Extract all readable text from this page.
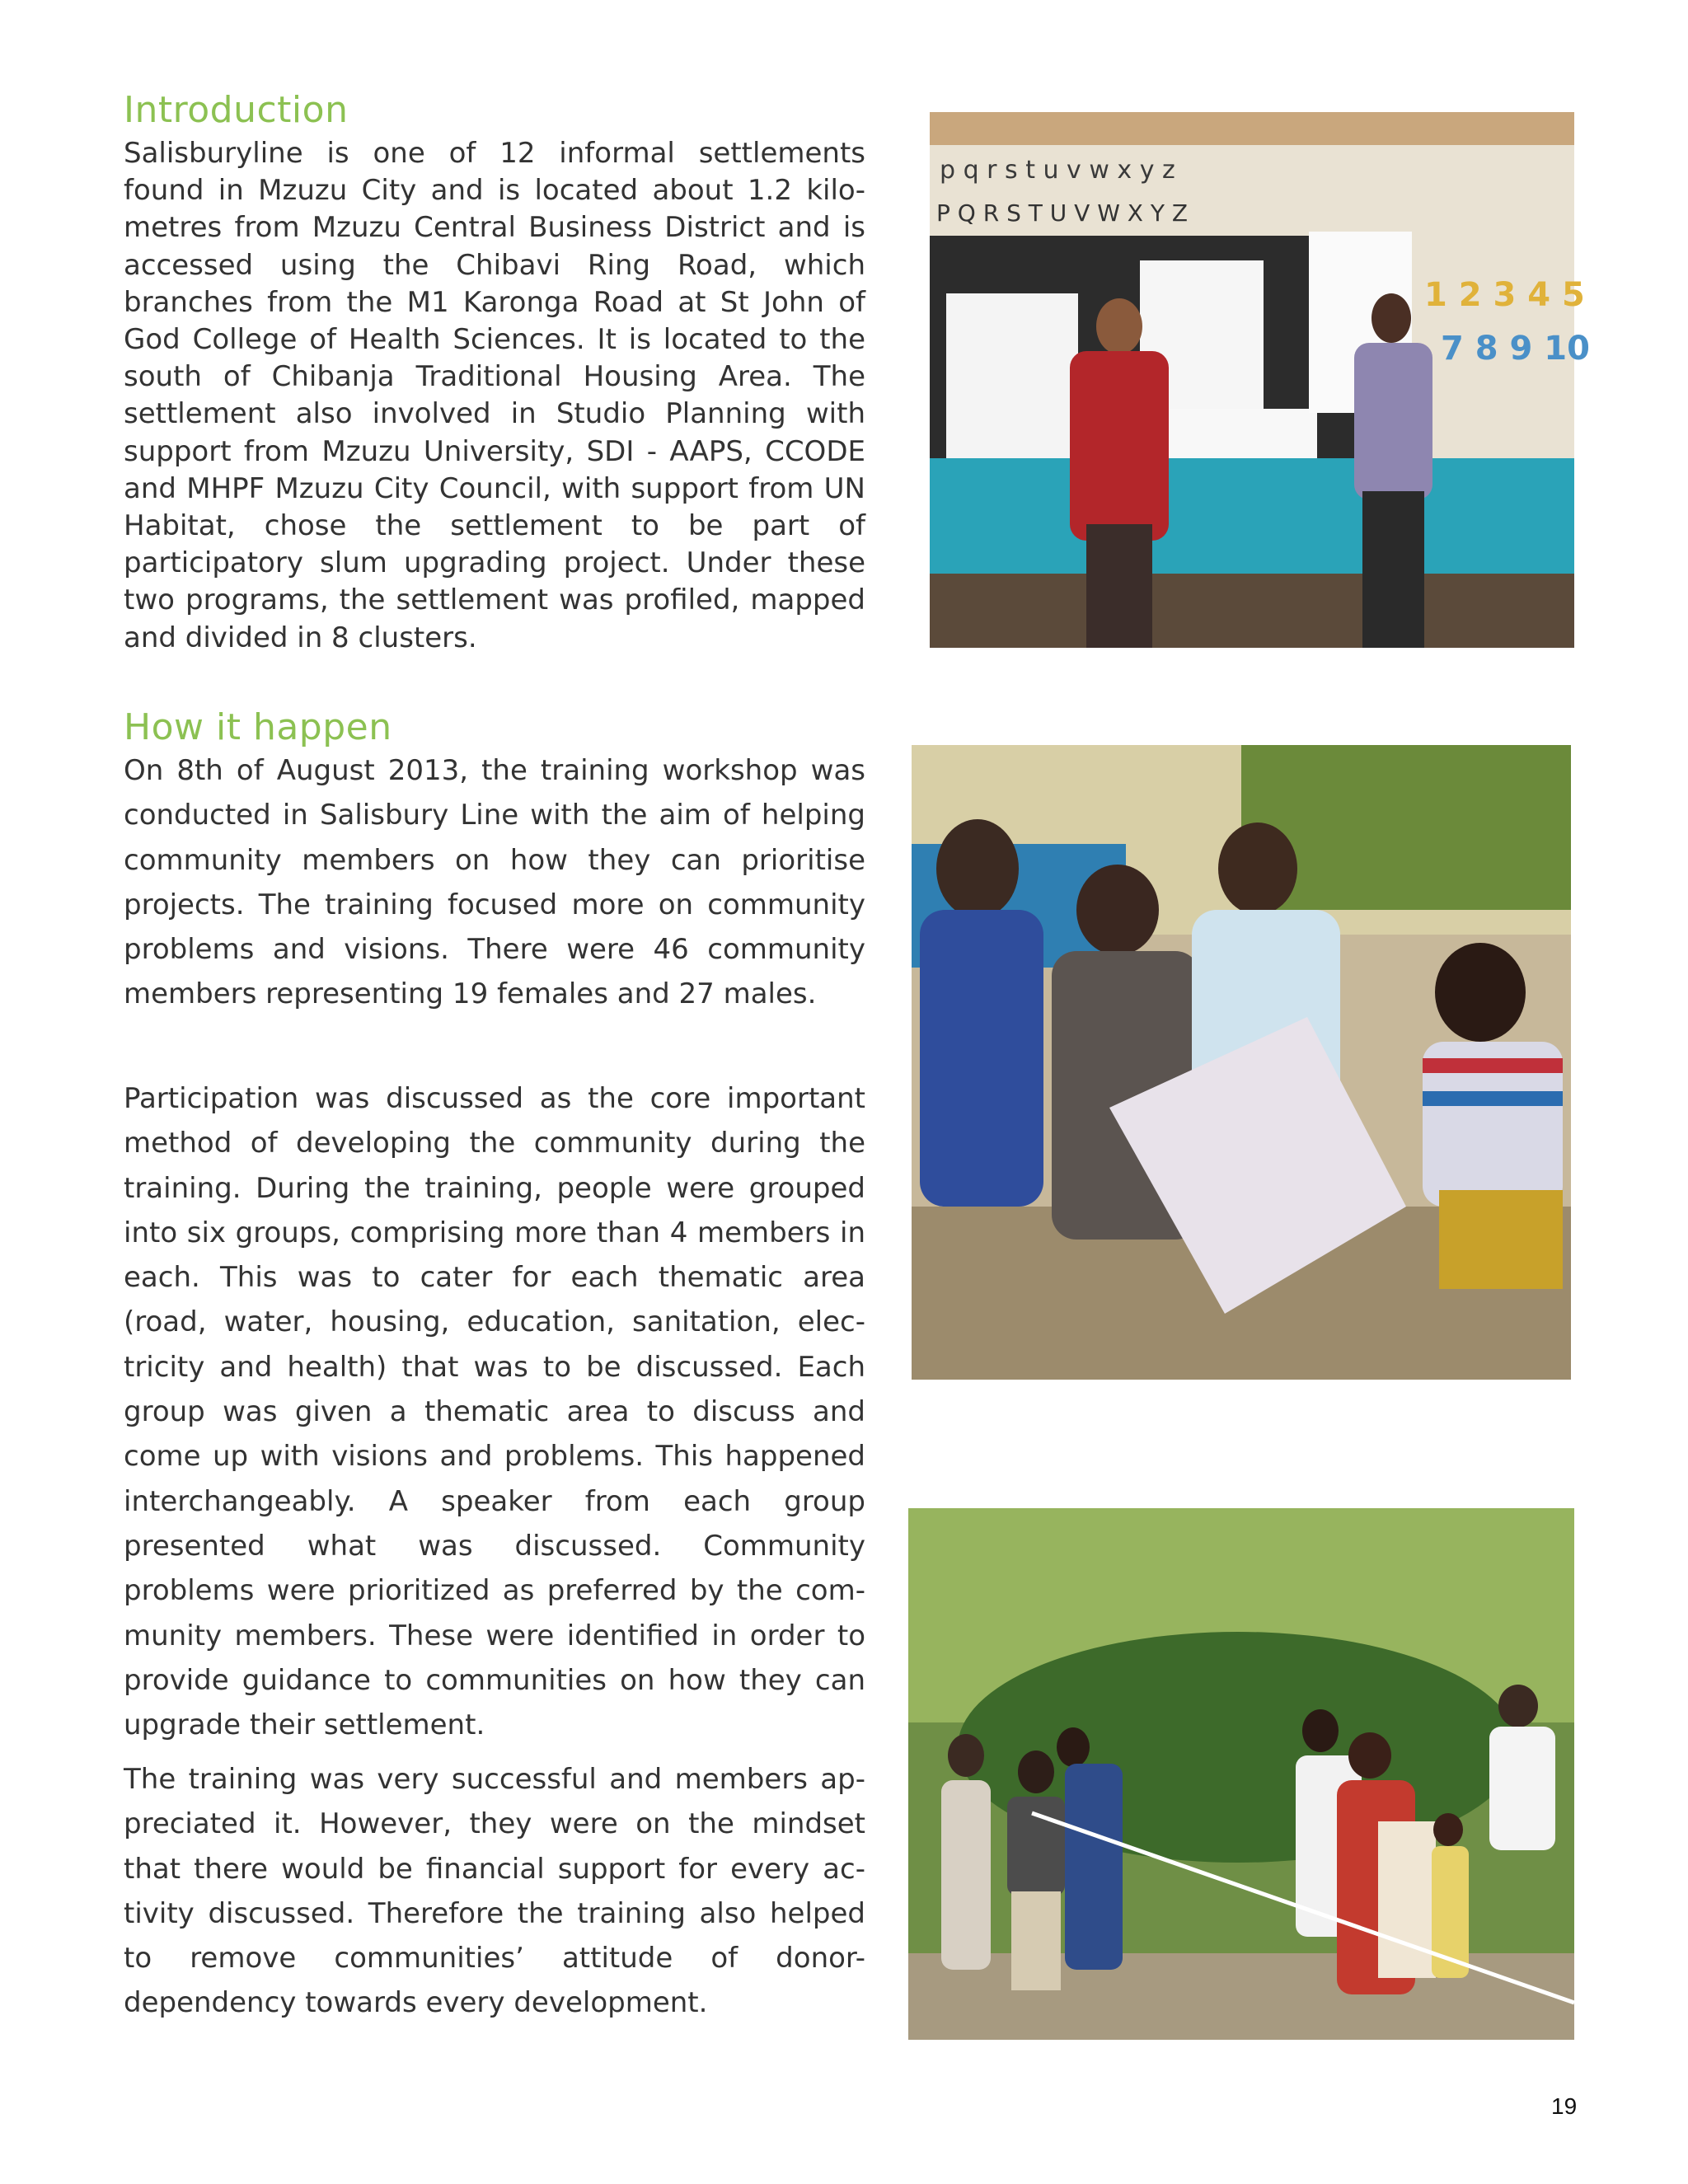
Introduction

Salisburyline is one of 12 informal settlements found in Mzuzu City and is located about 1.2 kilometres from Mzuzu Central Business District and is accessed using the Chibavi Ring Road, which branches from the M1 Karonga Road at St John of God College of Health Sciences. It is located to the south of Chibanja Traditional Housing Area. The settlement also involved in Studio Planning with support from Mzuzu University, SDI - AAPS, CCODE and MHPF Mzuzu City Council, with support from UN Habitat, chose the settlement to be part of participatory slum upgrading project. Under these two programs, the settlement was profiled, mapped and divided in 8 clusters.

How it happen

On 8th of August 2013, the training workshop was conducted in Salisbury Line with the aim of helping community members on how they can prioritise projects. The training focused more on community problems and visions. There were 46 community members representing 19 females and 27 males.

Participation was discussed as the core important method of developing the community during the training. During the training, people were grouped into six groups, comprising more than 4 members in each. This was to cater for each thematic area (road, water, housing, education, sanitation, electricity and health) that was to be discussed. Each group was given a thematic area to discuss and come up with visions and problems. This happened interchangeably. A speaker from each group presented what was discussed. Community problems were prioritized as preferred by the community members. These were identified in order to provide guidance to communities on how they can upgrade their settlement.

The training was very successful and members appreciated it. However, they were on the mindset that there would be financial support for every activity discussed. Therefore the training also helped to remove communities’ attitude of donor-dependency towards every development.

p q r s t u v w x y z
P Q R S T U V W X Y Z
1 2 3 4 5
7 8 9 10

19
